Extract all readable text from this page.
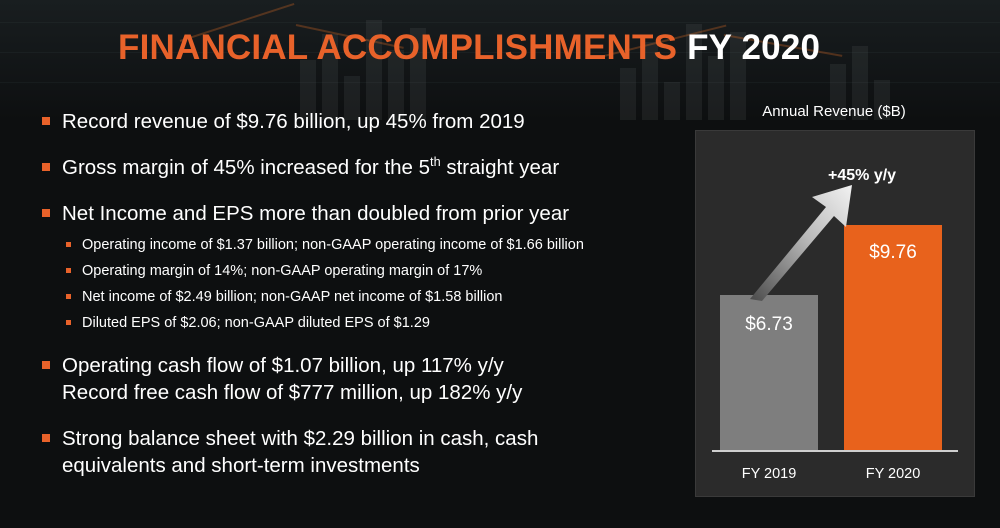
FINANCIAL ACCOMPLISHMENTS FY 2020
Record revenue of $9.76 billion, up 45% from 2019
Gross margin of 45% increased for the 5th straight year
Net Income and EPS more than doubled from prior year
Operating income of $1.37 billion; non-GAAP operating income of $1.66 billion
Operating margin of 14%; non-GAAP operating margin of 17%
Net income of $2.49 billion; non-GAAP net income of $1.58 billion
Diluted EPS of $2.06; non-GAAP diluted EPS of $1.29
Operating cash flow of $1.07 billion, up 117% y/y
Record free cash flow of $777 million, up 182% y/y
Strong balance sheet with $2.29 billion in cash, cash
equivalents and short-term investments
Annual Revenue ($B)
$6.73
$9.76
FY 2019	FY 2020
+45% y/y
